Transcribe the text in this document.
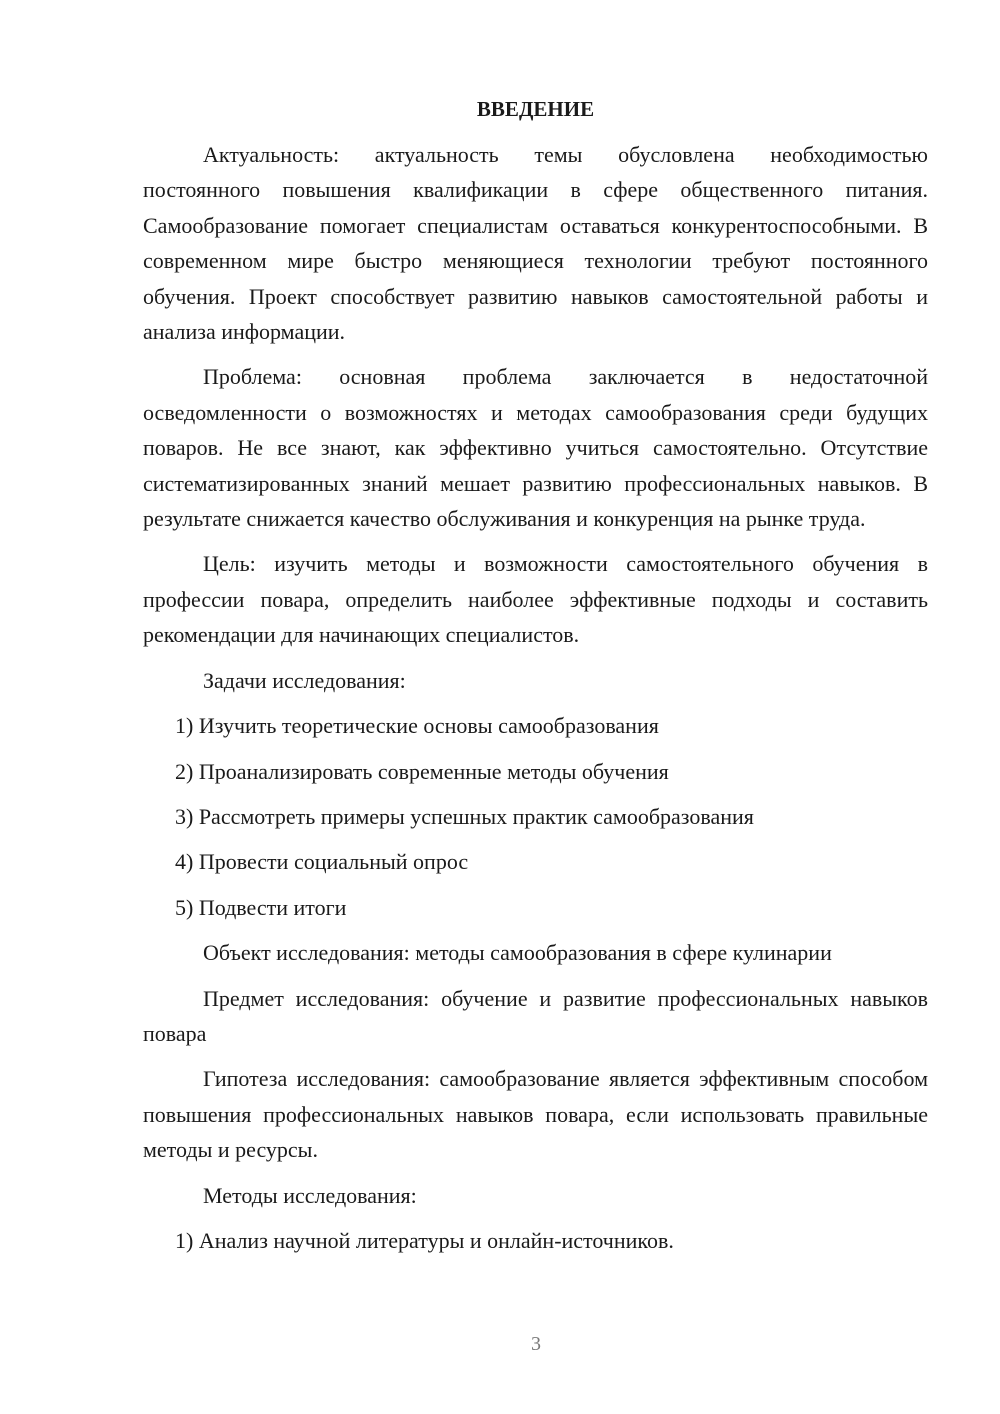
ВВЕДЕНИЕ

Актуальность: актуальность темы обусловлена необходимостью постоянного повышения квалификации в сфере общественного питания. Самообразование помогает специалистам оставаться конкурентоспособными. В современном мире быстро меняющиеся технологии требуют постоянного обучения. Проект способствует развитию навыков самостоятельной работы и анализа информации.

Проблема: основная проблема заключается в недостаточной осведомленности о возможностях и методах самообразования среди будущих поваров. Не все знают, как эффективно учиться самостоятельно. Отсутствие систематизированных знаний мешает развитию профессиональных навыков. В результате снижается качество обслуживания и конкуренция на рынке труда.

Цель: изучить методы и возможности самостоятельного обучения в профессии повара, определить наиболее эффективные подходы и составить рекомендации для начинающих специалистов.

Задачи исследования:

1) Изучить теоретические основы самообразования
2) Проанализировать современные методы обучения
3) Рассмотреть примеры успешных практик самообразования
4) Провести социальный опрос
5) Подвести итоги

Объект исследования: методы самообразования в сфере кулинарии

Предмет исследования: обучение и развитие профессиональных навыков повара

Гипотеза исследования: самообразование является эффективным способом повышения профессиональных навыков повара, если использовать правильные методы и ресурсы.

Методы исследования:

1) Анализ научной литературы и онлайн-источников.
3
